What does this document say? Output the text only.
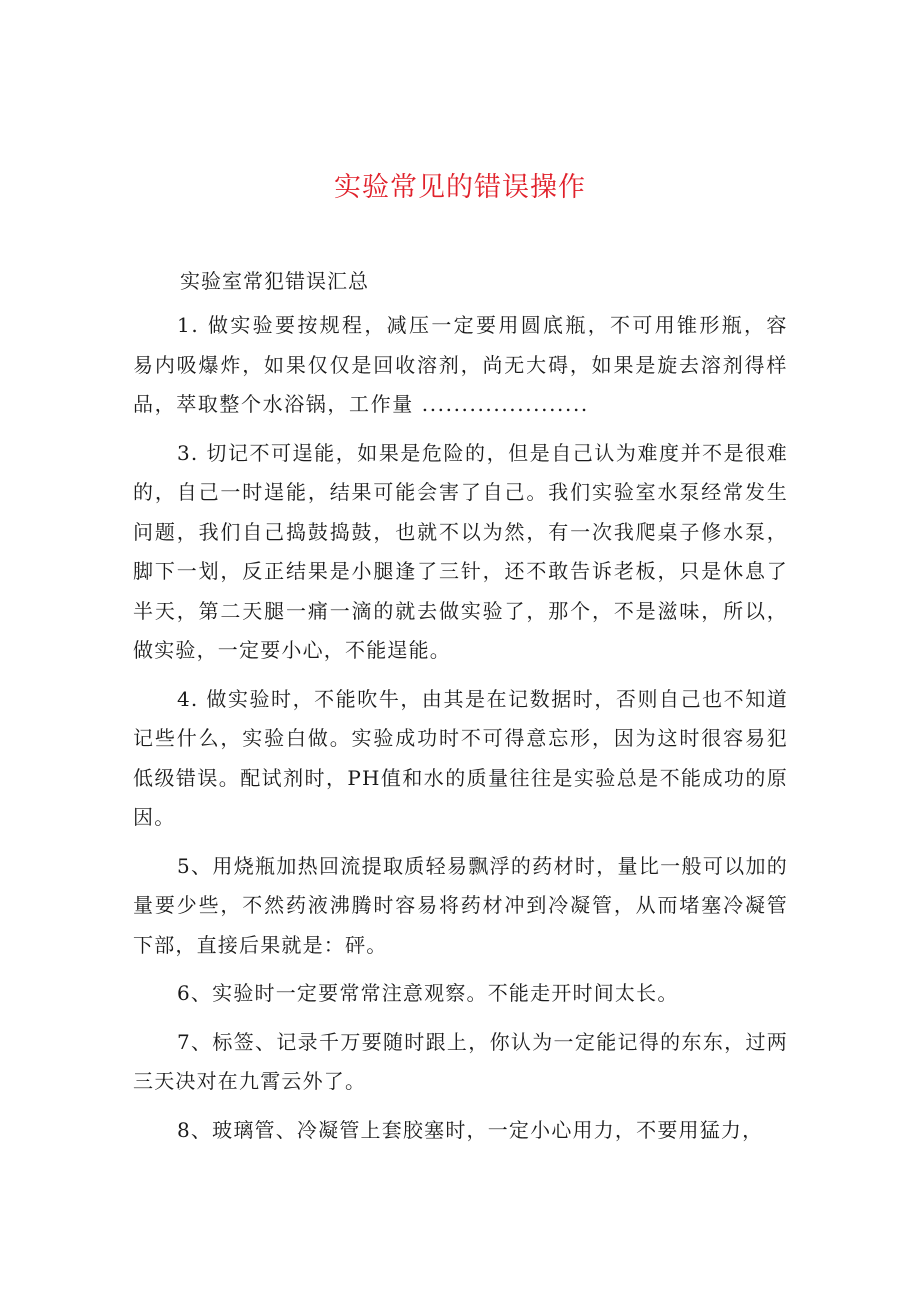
实验常见的错误操作
实验室常犯错误汇总

1. 做实验要按规程，减压一定要用圆底瓶，不可用锥形瓶，容易内吸爆炸，如果仅仅是回收溶剂，尚无大碍，如果是旋去溶剂得样品，萃取整个水浴锅，工作量 .....................

3. 切记不可逞能，如果是危险的，但是自己认为难度并不是很难的，自己一时逞能，结果可能会害了自己。我们实验室水泵经常发生问题，我们自己捣鼓捣鼓，也就不以为然，有一次我爬桌子修水泵，脚下一划，反正结果是小腿逢了三针，还不敢告诉老板，只是休息了半天，第二天腿一痛一滴的就去做实验了，那个，不是滋味，所以，做实验，一定要小心，不能逞能。

4. 做实验时，不能吹牛，由其是在记数据时，否则自己也不知道记些什么，实验白做。实验成功时不可得意忘形，因为这时很容易犯低级错误。配试剂时，PH值和水的质量往往是实验总是不能成功的原因。

5、用烧瓶加热回流提取质轻易飘浮的药材时，量比一般可以加的量要少些，不然药液沸腾时容易将药材冲到冷凝管，从而堵塞冷凝管下部，直接后果就是：砰。

6、实验时一定要常常注意观察。不能走开时间太长。

7、标签、记录千万要随时跟上，你认为一定能记得的东东，过两三天决对在九霄云外了。

8、玻璃管、冷凝管上套胶塞时，一定小心用力，不要用猛力，
